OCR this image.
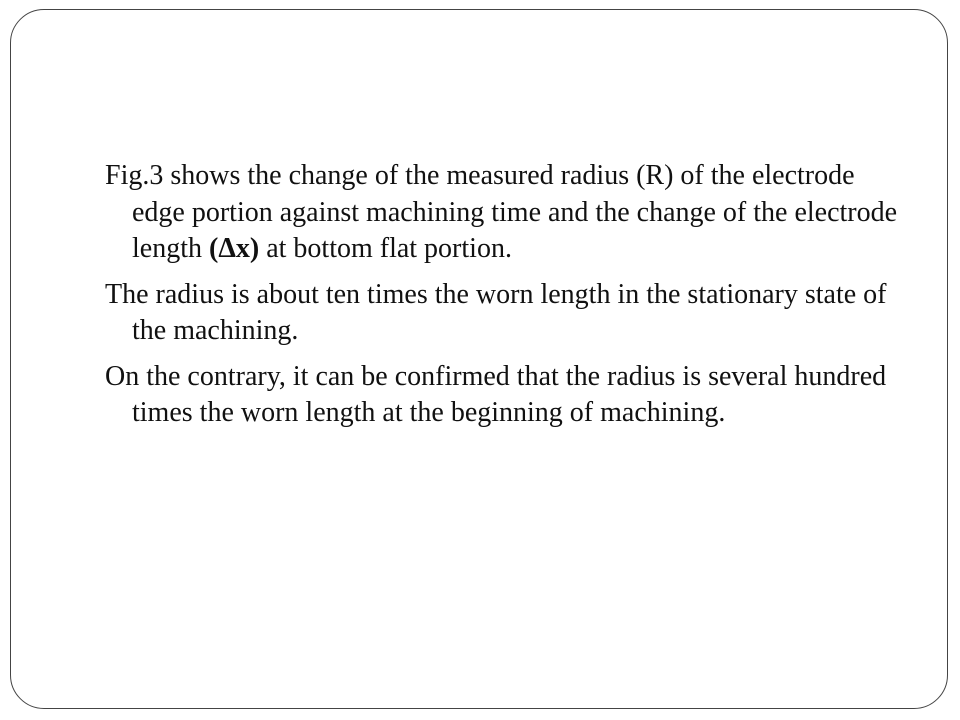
Fig.3 shows the change of the measured radius (R) of the electrode edge portion against machining time and the change of the electrode length (Δx) at bottom flat portion.

The radius is about ten times the worn length in the stationary state of the machining.

On the contrary, it can be confirmed that the radius is several hundred times the worn length at the beginning of machining.
